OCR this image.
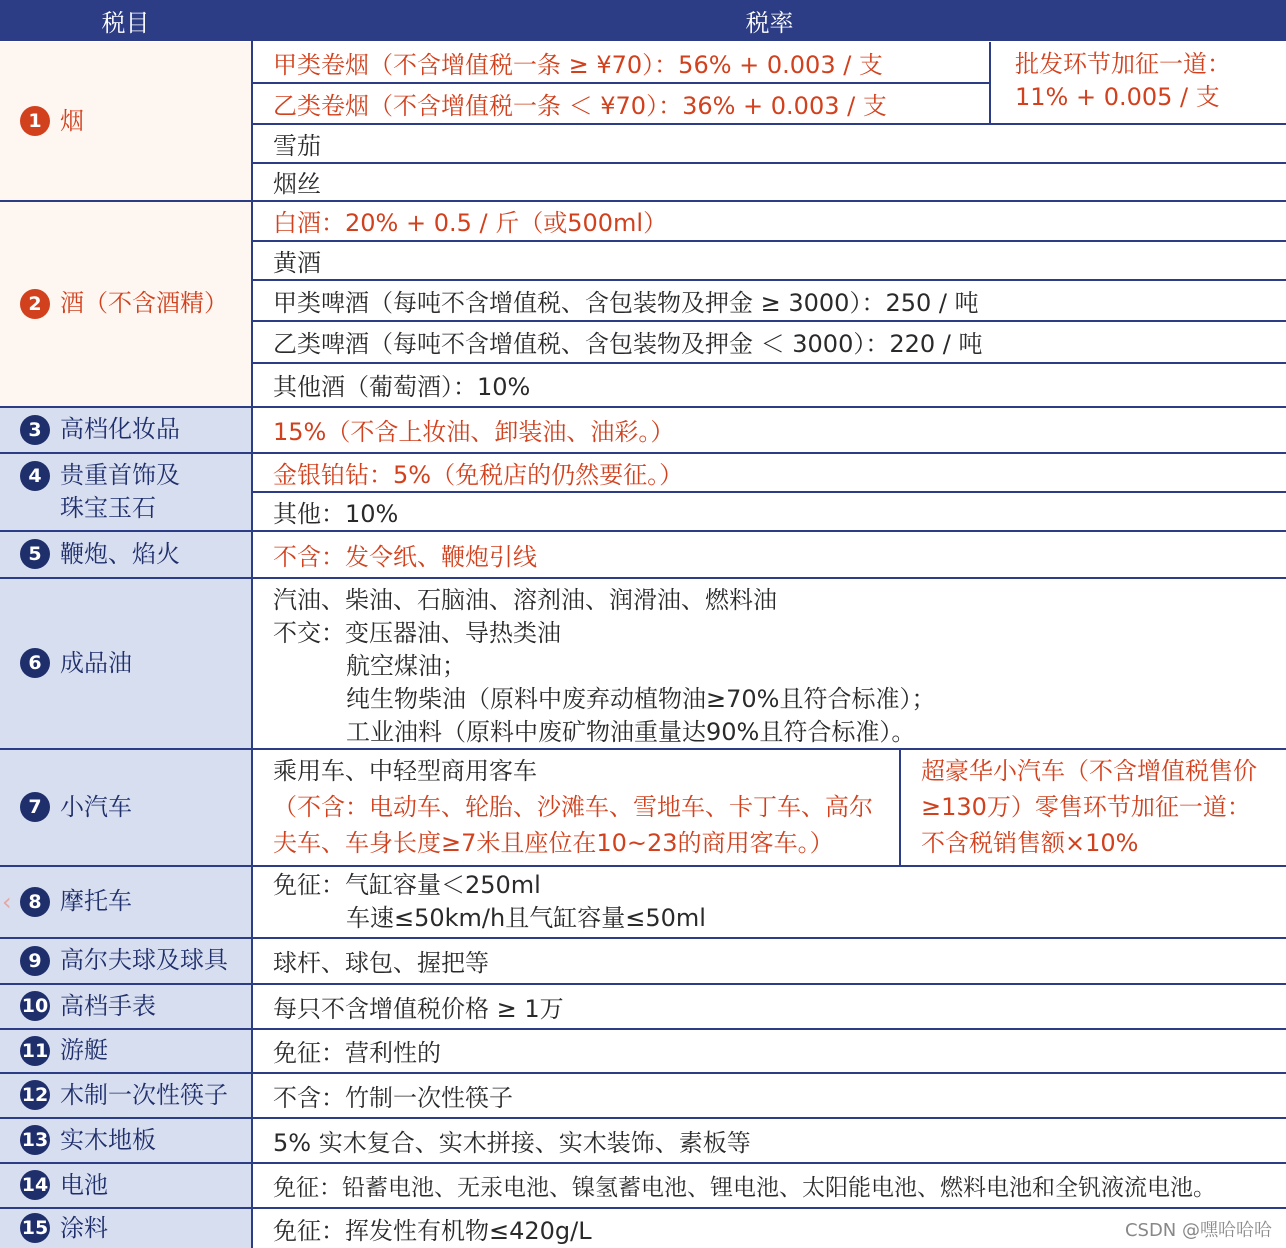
税目	税率
1 烟
2 酒（不含酒精）
3 高档化妆品
4 贵重首饰及
珠宝玉石
5 鞭炮、焰火
6 成品油
7 小汽车
8 摩托车
9 高尔夫球及球具
10 高档手表
11 游艇
12 木制一次性筷子
13 实木地板
14 电池
15 涂料
‹
甲类卷烟（不含增值税一条 ≥ ¥70）：56% + 0.003 / 支
乙类卷烟（不含增值税一条 ＜ ¥70）：36% + 0.003 / 支
批发环节加征一道：
11% + 0.005 / 支
雪茄
烟丝
白酒：20% + 0.5 / 斤（或500ml）
黄酒
甲类啤酒（每吨不含增值税、含包装物及押金 ≥ 3000）：250 / 吨
乙类啤酒（每吨不含增值税、含包装物及押金 ＜ 3000）：220 / 吨
其他酒（葡萄酒）：10%
15%（不含上妆油、卸装油、油彩。）
金银铂钻：5%（免税店的仍然要征。）
其他：10%
不含：发令纸、鞭炮引线
汽油、柴油、石脑油、溶剂油、润滑油、燃料油
不交：变压器油、导热类油
航空煤油；
纯生物柴油（原料中废弃动植物油≥70%且符合标准）；
工业油料（原料中废矿物油重量达90%且符合标准）。
乘用车、中轻型商用客车
（不含：电动车、轮胎、沙滩车、雪地车、卡丁车、高尔
夫车、车身长度≥7米且座位在10~23的商用客车。）
超豪华小汽车（不含增值税售价
≥130万）零售环节加征一道：
不含税销售额×10%
免征：气缸容量＜250ml
车速≤50km/h且气缸容量≤50ml
球杆、球包、握把等
每只不含增值税价格 ≥ 1万
免征：营利性的
不含：竹制一次性筷子
5% 实木复合、实木拼接、实木装饰、素板等
免征：铅蓄电池、无汞电池、镍氢蓄电池、锂电池、太阳能电池、燃料电池和全钒液流电池。
免征：挥发性有机物≤420g/L	CSDN @嘿哈哈哈
